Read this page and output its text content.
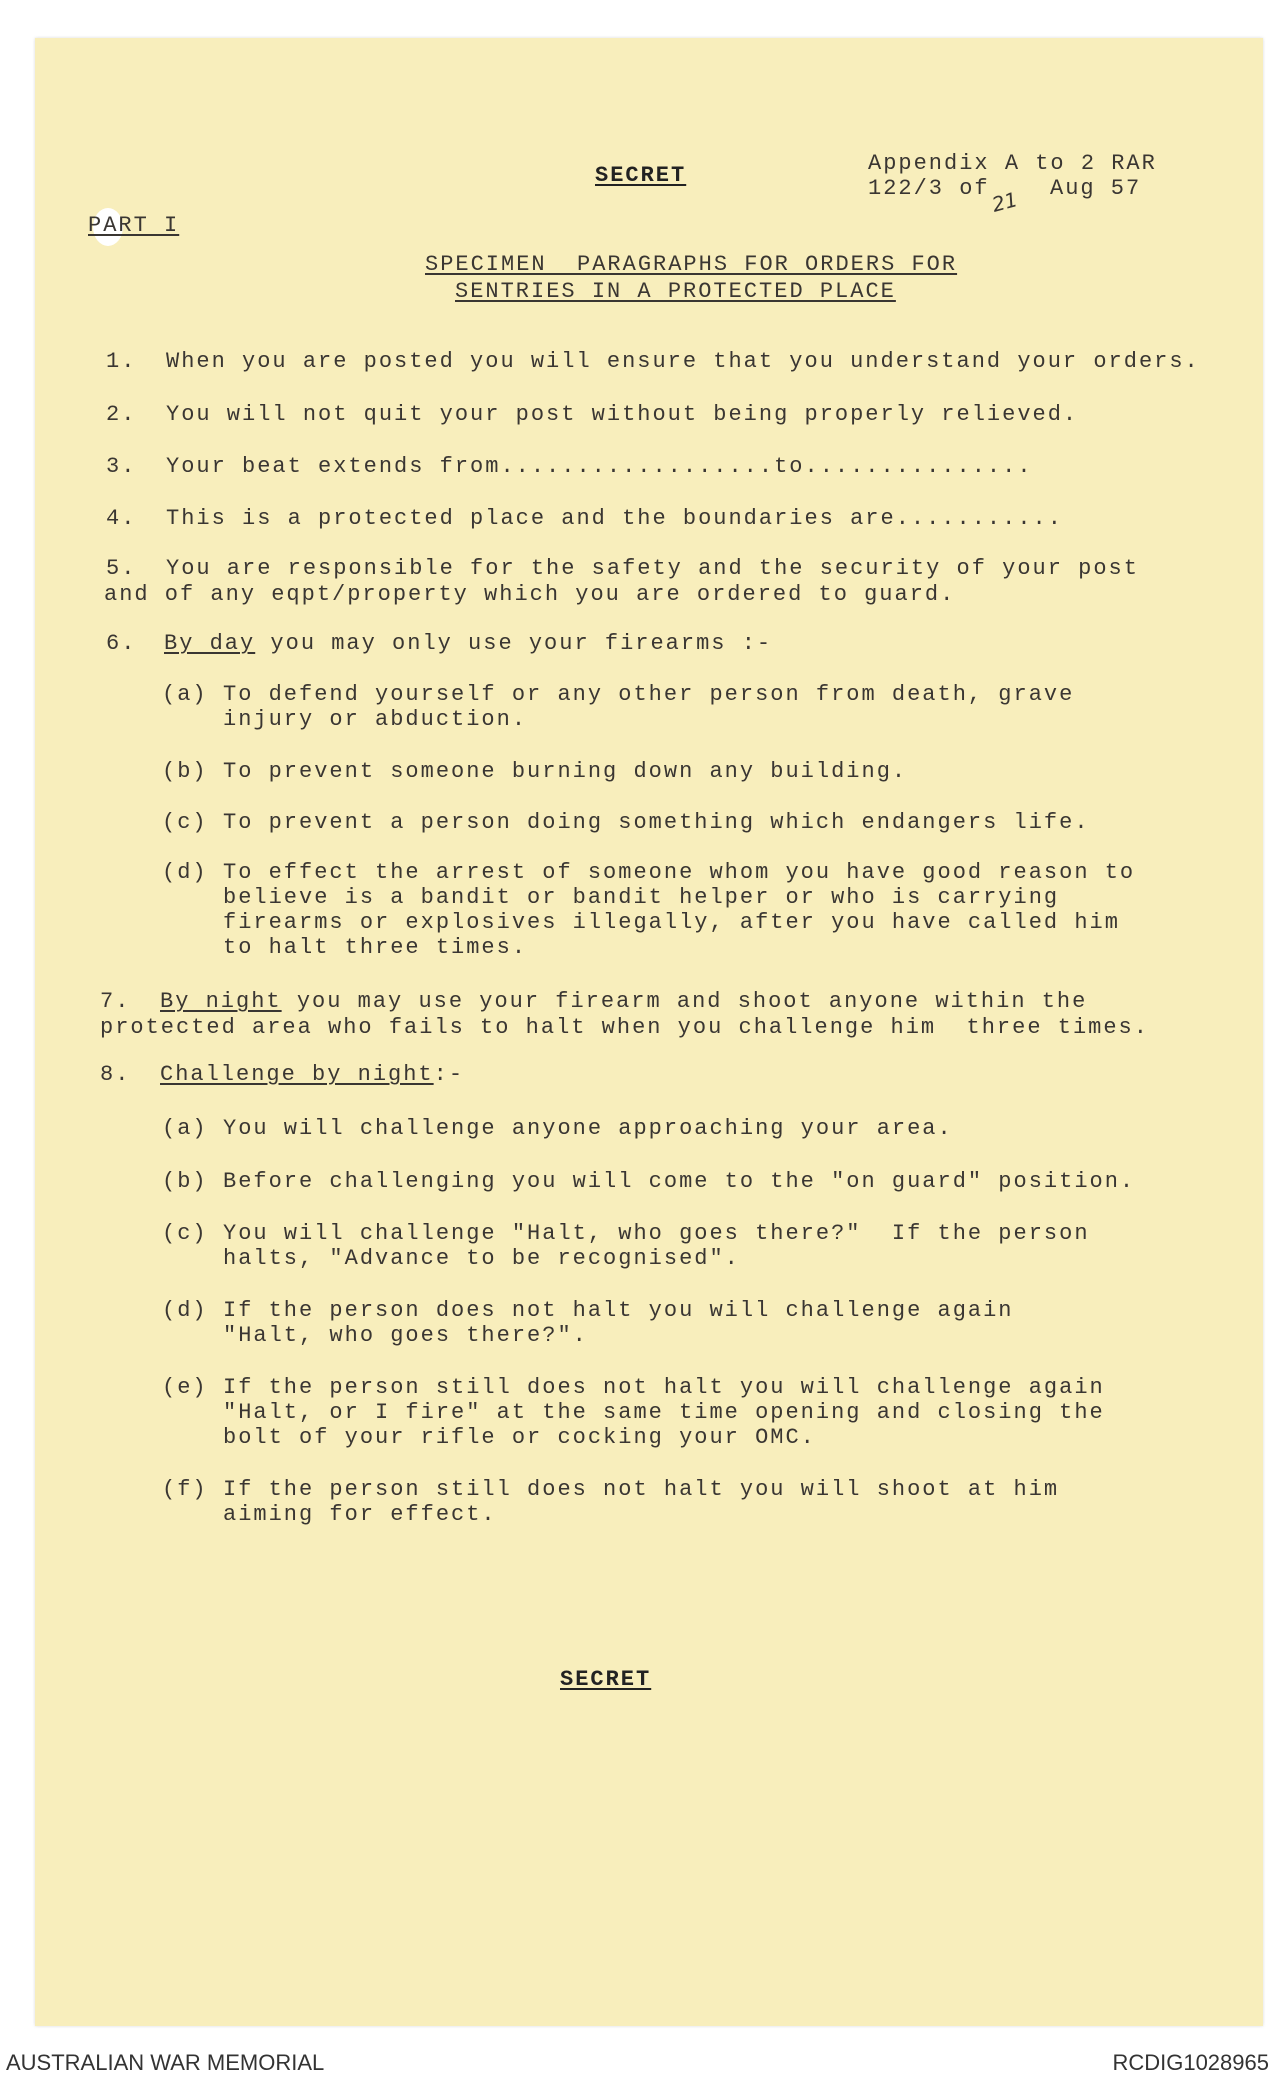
SECRET	Appendix A to 2 RAR
122/3 of 21 Aug 57
PART I
SPECIMEN  PARAGRAPHS FOR ORDERS FOR
SENTRIES IN A PROTECTED PLACE
1. When you are posted you will ensure that you understand your orders.
2. You will not quit your post without being properly relieved.
3. Your beat extends from..................to...............
4. This is a protected place and the boundaries are...........
5. You are responsible for the safety and the security of your post
and of any eqpt/property which you are ordered to guard.
6. By day you may only use your firearms :-
(a) To defend yourself or any other person from death, grave
injury or abduction.
(b) To prevent someone burning down any building.
(c) To prevent a person doing something which endangers life.
(d) To effect the arrest of someone whom you have good reason to
believe is a bandit or bandit helper or who is carrying
firearms or explosives illegally, after you have called him
to halt three times.
7. By night you may use your firearm and shoot anyone within the
protected area who fails to halt when you challenge him  three times.
8. Challenge by night:-
(a) You will challenge anyone approaching your area.
(b) Before challenging you will come to the "on guard" position.
(c) You will challenge "Halt, who goes there?"  If the person
halts, "Advance to be recognised".
(d) If the person does not halt you will challenge again
"Halt, who goes there?".
(e) If the person still does not halt you will challenge again
"Halt, or I fire" at the same time opening and closing the
bolt of your rifle or cocking your OMC.
(f) If the person still does not halt you will shoot at him
aiming for effect.
SECRET
AUSTRALIAN WAR MEMORIAL	RCDIG1028965
